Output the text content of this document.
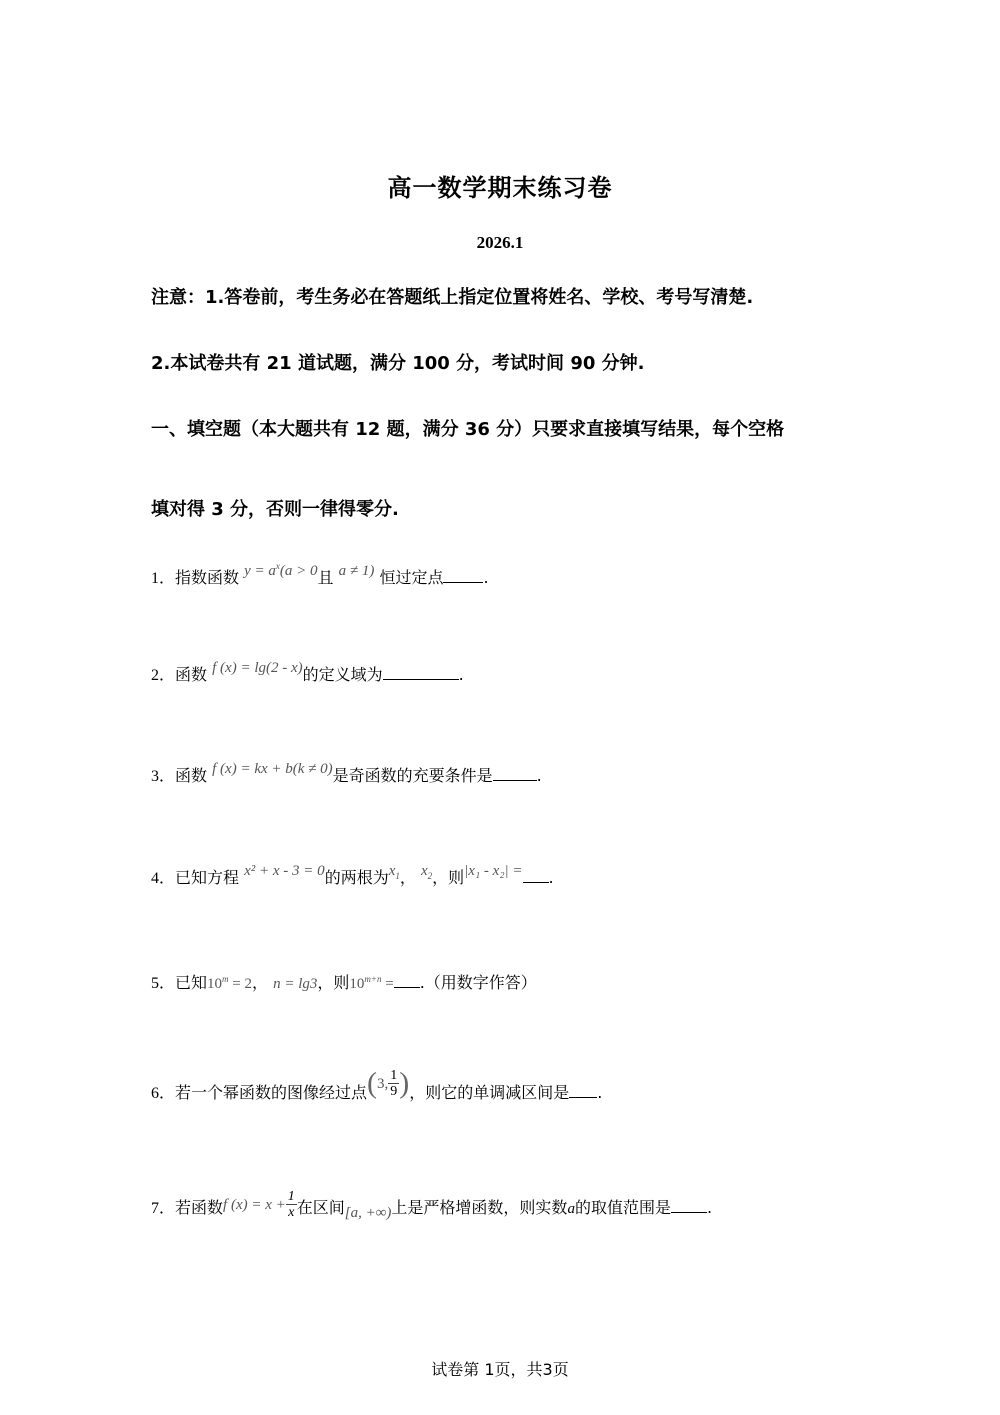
高一数学期末练习卷
2026.1
注意：1.答卷前，考生务必在答题纸上指定位置将姓名、学校、考号写清楚.
2.本试卷共有 21 道试题，满分 100 分，考试时间 90 分钟.
一、填空题（本大题共有 12 题，满分 36 分）只要求直接填写结果，每个空格
填对得 3 分，否则一律得零分.
1．指数函数 $y = a^x(a > 0$且 a ≠ 1) 恒过定点	.
2．函数 f (x) = lg(2 - x)的定义域为	.
3．函数 f (x) = kx + b(k ≠ 0)是奇函数的充要条件是	.
4．已知方程 x² + x - 3 = 0的两根为$x_1$， $x_2$，则|x₁ - x₂| = .
5．已知$10^m = 2$， n = lg3，则$10^{m+n}$ = .（用数字作答）
6．若一个幂函数的图像经过点(3, $\frac{1}{9}$ )，则它的单调减区间是 .
7．若函数f $(x) = x + \frac{1}{x}$ 在区间[a, +∞)上是严格增函数，则实数a的取值范围是 .
试卷第 1页，共3页
